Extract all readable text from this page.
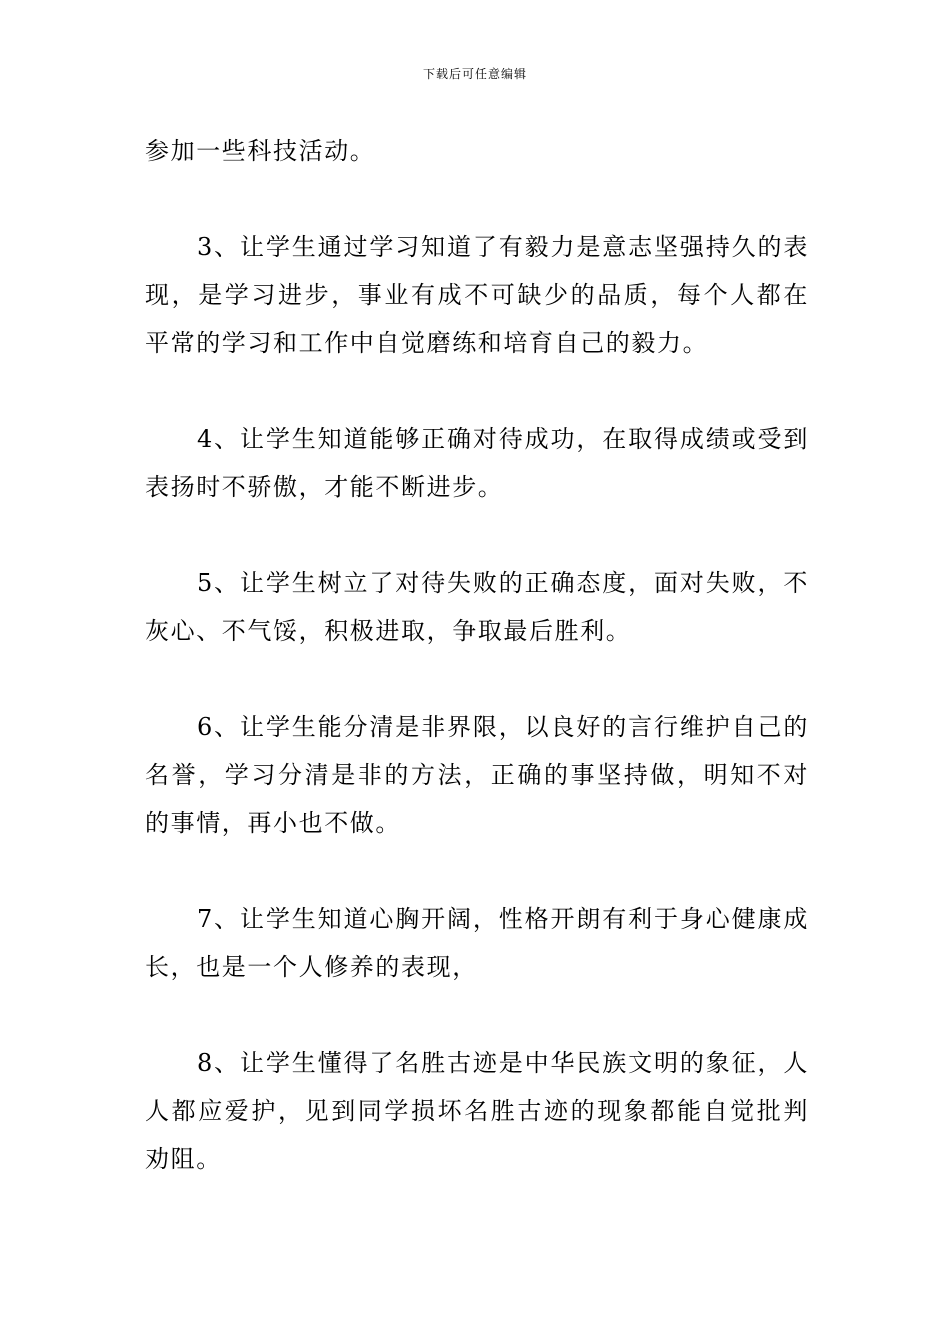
下载后可任意编辑

参加一些科技活动。

3、让学生通过学习知道了有毅力是意志坚强持久的表现，是学习进步，事业有成不可缺少的品质，每个人都在平常的学习和工作中自觉磨练和培育自己的毅力。

4、让学生知道能够正确对待成功，在取得成绩或受到表扬时不骄傲，才能不断进步。

5、让学生树立了对待失败的正确态度，面对失败，不灰心、不气馁，积极进取，争取最后胜利。

6、让学生能分清是非界限，以良好的言行维护自己的名誉，学习分清是非的方法，正确的事坚持做，明知不对的事情，再小也不做。

7、让学生知道心胸开阔，性格开朗有利于身心健康成长，也是一个人修养的表现，

8、让学生懂得了名胜古迹是中华民族文明的象征，人人都应爱护，见到同学损坏名胜古迹的现象都能自觉批判劝阻。
